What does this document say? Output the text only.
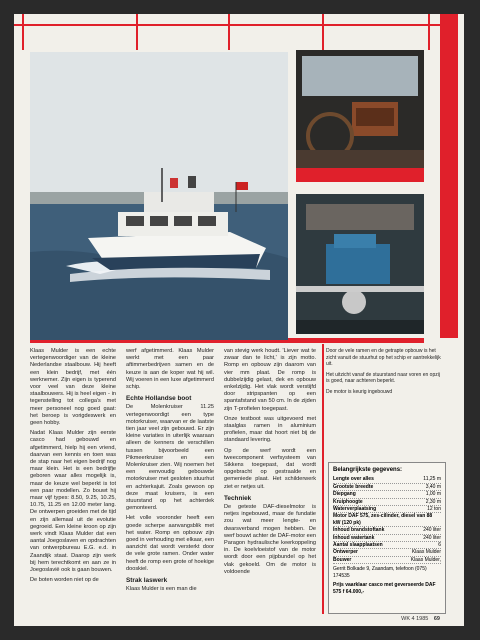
Klaas Mulder is een echte vertegenwoordiger van de kleine Nederlandse staalbouw. Hij heeft een klein bedrijf, met één werknemer. Zijn eigen is typerend voor veel van deze kleine staalbouwers. Hij is heel eigen - in tegenstelling tot collega's met meer personeel nog goed gaat: het beroep is vorigdeswerk en geen hobby.

Nadat Klaas Mulder zijn eerste casco had gebouwd en afgetimmerd, hielp hij een vriend, daarvan een kennis en toen was de stap naar het eigen bedrijf nog maar klein. Het is een bedrijfje geboren waar alles mogelijk is, maar de keuze wel beperkt is tot een paar modellen. Zo bouwt hij maar vijf types: 8.50, 9.25, 10.25, 10.75, 11.25 en 12.00 meter lang. De ontwerpen groeiden met de tijd en zijn allemaal uit de evolutie gegroeid. Een kleine kroon op zijn werk vindt Klaas Mulder dat een aantal Joegoslaven en opdrachten van ontwerpbureau E.G. e.d. in Zaandijk staat. Daarop zijn werk bij hem terechtkomt en aan ze in Joegoslavië ook is gaan bouwen.

De boten worden niet op de

werf afgetimmerd. Klaas Mulder werkt met een paar aftimmerbedrijven samen en de keuze is aan de koper wat hij wil. Wij voeren in een luxe afgetimmerd schip.

Echte Hollandse boot

De Molenkruiser 11.25 vertegenwoordigt een type motorkruiser, waarvan er de laatste tien jaar veel zijn gebouwd. Er zijn kleine variaties in uiterlijk waaraan alleen de kenners de verschillen tussen bijvoorbeeld een Pikmeerkruiser en een Molenkruiser zien. Wij noemen het een eenvoudig gebouwde motorkruiser met gesloten stuurhut en achterkajuit. Zoals gewoon op deze maat kruisers, is een stuurstand op het achterdek gemonteerd.

Het volle vooronder heeft een goede scherpe aanvangsblik met het water. Romp en opbouw zijn goed in verhouding met elkaar, een aanzicht dat wordt versterkt door de vele grote ramen. Onder water heeft de romp een grote of hoekige dooskiel.

Strak laswerk

Klaas Mulder is een man die

van stevig werk houdt. 'Liever wat te zwaar dan te licht,' is zijn motto. Romp en opbouw zijn daarom van vier mm plaat. De romp is dubbelzijdig gelast, dek en opbouw enkelzijdig. Het vlak wordt verstijfd door stripspanten op een spantafstand van 50 cm. In de zijden zijn T-profielen toegepast.

Onze testboot was uitgevoerd met staalglas ramen in aluminium profielen, maar dat hoort niet bij de standaard levering.

Op de werf wordt een tweecomponent verfsysteem van Sikkens toegepast, dat wordt opgebracht op gestraalde en gemeniede plaat. Het schilderwerk ziet er netjes uit.

Techniek

De geteste DAF-dieselmotor is netjes ingebouwd, maar de fundatie zou wat meer lengte- en dwarsverband mogen hebben. De werf bouwt achter de DAF-motor een Paragon hydraulische keerkoppeling in. De koelvloeistof van de motor wordt door een pijpbundel op het vlak gekoeld. Om de motor is voldoende

Door de vele ramen en de getrapte opbouw is het zicht vanuit de stuurhut op het schip er aantrekkelijk uit.

Het uitzicht vanaf de stuurstand naar voren en opzij is goed, naar achteren beperkt.

De motor is keurig ingebouwd

Belangrijkste gegevens:
Lengte over alles	11,25 m
Grootste breedte	3,40 m
Diepgang	1,00 m
Kruiphoogte	2,30 m
Waterverplaatsing	12 ton
Motor DAF 575, zes-cilinder, diesel van 88 kW (120 pk)
Inhoud brandstoftank	240 liter
Inhoud watertank	240 liter
Aantal slaapplaatsen	6
Ontwerper	Klaas Mulder
Bouwer	Klaas Mulder,
Gerrit Bolkade 9, Zaandam, telefoon (075) 174535
Prijs vaarklaar casco met geverseerde DAF 575 f 64.000,-
WK 4 1985 69
